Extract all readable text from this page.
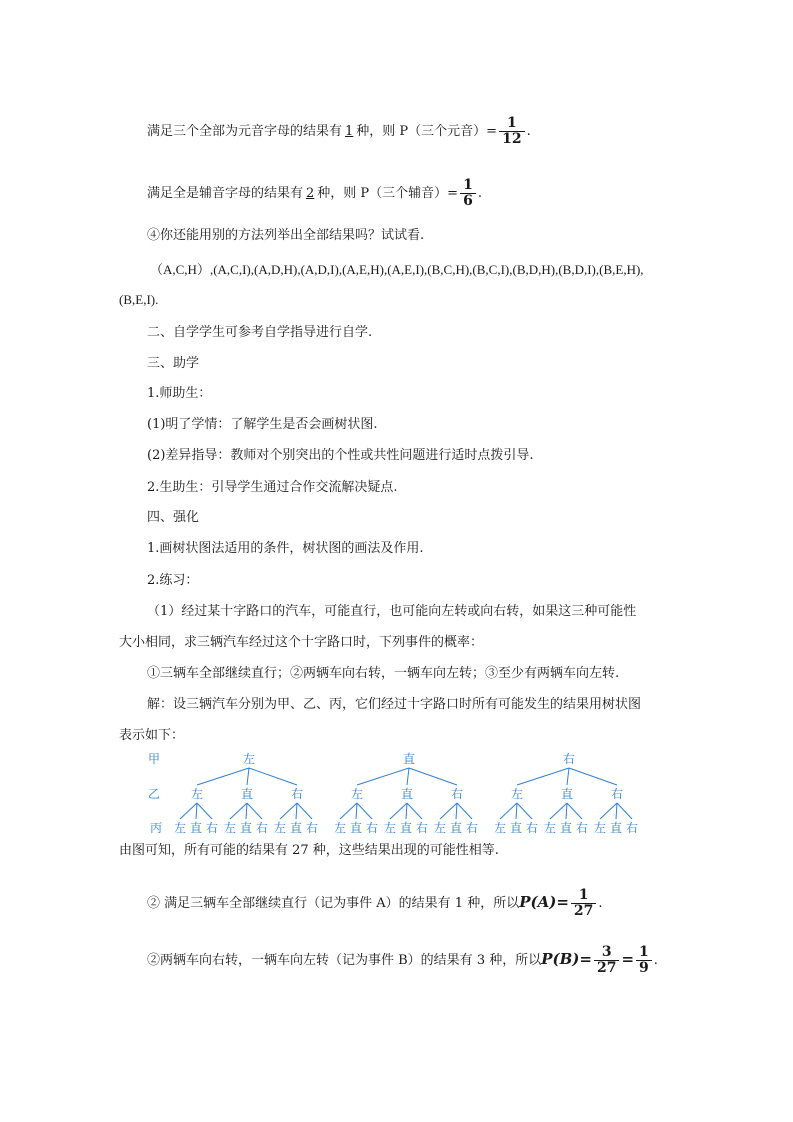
满足三个全部为元音字母的结果有 1 种，则 P（三个元音）= $\frac{1}{12}$ .
满足全是辅音字母的结果有 2 种，则 P（三个辅音）= $\frac{1}{6}$ .
④你还能用别的方法列举出全部结果吗？试试看.
（A,C,H）,(A,C,I),(A,D,H),(A,D,I),(A,E,H),(A,E,I),(B,C,H),(B,C,I),(B,D,H),(B,D,I),(B,E,H),
(B,E,I).
二、自学学生可参考自学指导进行自学.
三、助学
1.师助生：
(1)明了学情：了解学生是否会画树状图.
(2)差异指导：教师对个别突出的个性或共性问题进行适时点拨引导.
2.生助生：引导学生通过合作交流解决疑点.
四、强化
1.画树状图法适用的条件，树状图的画法及作用.
2.练习：
（1）经过某十字路口的汽车，可能直行，也可能向左转或向右转，如果这三种可能性
大小相同，求三辆汽车经过这个十字路口时，下列事件的概率：
①三辆车全部继续直行；②两辆车向右转，一辆车向左转；③至少有两辆车向左转.
解：设三辆汽车分别为甲、乙、丙，它们经过十字路口时所有可能发生的结果用树状图
表示如下：
甲
乙
丙
左
左
左 直 右
直
左 直 右
右
左 直 右
直
左
左 直 右
直
左 直 右
右
左 直 右
右
左
左 直 右
直
左 直 右
右
左 直 右
由图可知，所有可能的结果有 27 种，这些结果出现的可能性相等.
② 满足三辆车全部继续直行（记为事件 A）的结果有 1 种，所以$P(A)= \frac{1}{27}$ .
②两辆车向右转，一辆车向左转（记为事件 B）的结果有 3 种，所以$P(B)= \frac{3}{27} = \frac{1}{9}$ .
